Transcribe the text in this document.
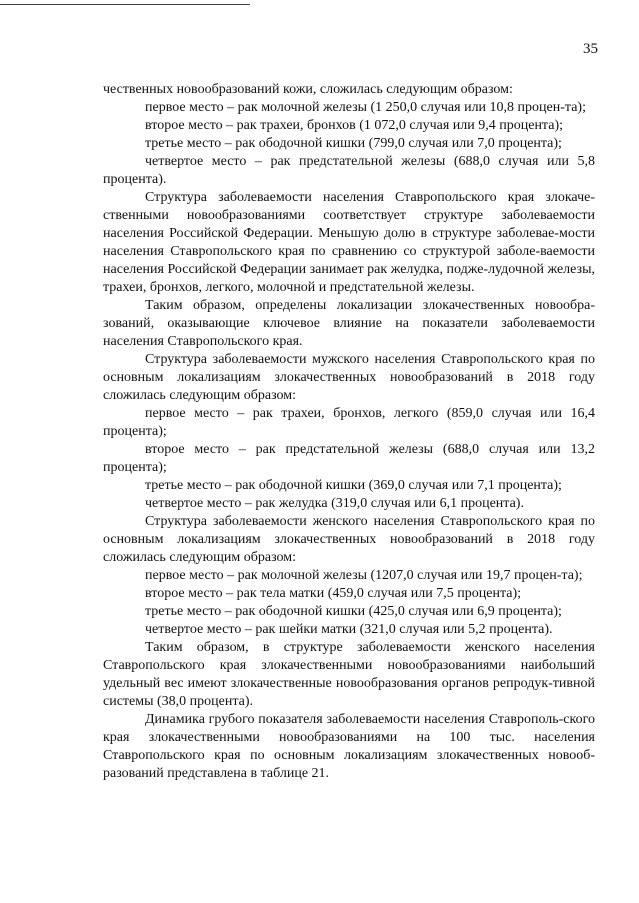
35

чественных новообразований кожи, сложилась следующим образом:

первое место – рак молочной железы (1 250,0 случая или 10,8 процен-та);

второе место – рак трахеи, бронхов (1 072,0 случая или 9,4 процента);

третье место – рак ободочной кишки (799,0 случая или 7,0 процента);

четвертое место – рак предстательной железы (688,0 случая или 5,8 процента).

Структура заболеваемости населения Ставропольского края злокаче-ственными новообразованиями соответствует структуре заболеваемости населения Российской Федерации. Меньшую долю в структуре заболевае-мости населения Ставропольского края по сравнению со структурой заболе-ваемости населения Российской Федерации занимает рак желудка, подже-лудочной железы, трахеи, бронхов, легкого, молочной и предстательной железы.

Таким образом, определены локализации злокачественных новообра-зований, оказывающие ключевое влияние на показатели заболеваемости населения Ставропольского края.

Структура заболеваемости мужского населения Ставропольского края по основным локализациям злокачественных новообразований в 2018 году сложилась следующим образом:

первое место – рак трахеи, бронхов, легкого (859,0 случая или 16,4 процента);

второе место – рак предстательной железы (688,0 случая или 13,2 процента);

третье место – рак ободочной кишки (369,0 случая или 7,1 процента);

четвертое место – рак желудка (319,0 случая или 6,1 процента).

Структура заболеваемости женского населения Ставропольского края по основным локализациям злокачественных новообразований в 2018 году сложилась следующим образом:

первое место – рак молочной железы (1207,0 случая или 19,7 процен-та);

второе место – рак тела матки (459,0 случая или 7,5 процента);

третье место – рак ободочной кишки (425,0 случая или 6,9 процента);

четвертое место – рак шейки матки (321,0 случая или 5,2 процента).

Таким образом, в структуре заболеваемости женского населения Ставропольского края злокачественными новообразованиями наибольший удельный вес имеют злокачественные новообразования органов репродук-тивной системы (38,0 процента).

Динамика грубого показателя заболеваемости населения Ставрополь-ского края злокачественными новообразованиями на 100 тыс. населения Ставропольского края по основным локализациям злокачественных новооб-разований представлена в таблице 21.
